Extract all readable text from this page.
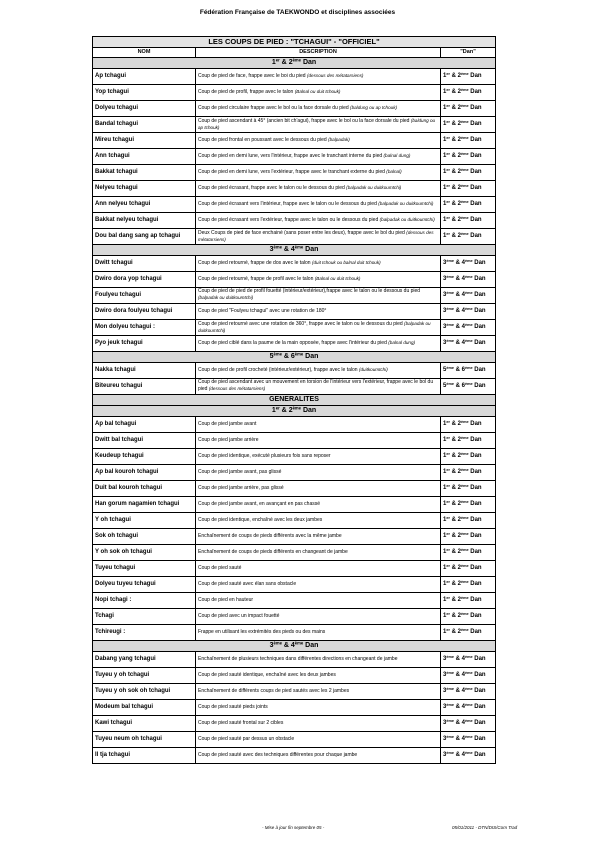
Fédération Française de TAEKWONDO et disciplines associées
LES COUPS DE PIED : "TCHAGUI" - "OFFICIEL"		
NOM	DESCRIPTION	"Dan"
1er & 2ème Dan		
Ap tchagui	Coup de pied de face, frappe avec le boi du pied (dessous des métatarsiens)	1er & 2ème Dan
Yop tchagui	Coup de pied de profil, frappe avec le talon (Balnal ou duit tchouk)	1er & 2ème Dan
Dolyeu tchagui	Coup de pied circulaire frappe avec le bol ou la face dorsale du pied (baldung ou ap tchouk)	1er & 2ème Dan
Bandal tchagui	Coup de pied ascendant à 45° (ancien bit ch'agui), frappe avec le bol ou la face dorsale du pied (baldung ou ap tchouk)	1er & 2ème Dan
Mireu tchagui	Coup de pied frontal en poussant avec le dessous du pied (balpadak)	1er & 2ème Dan
Ann tchagui	Coup de pied en demi lune, vers l'intérieur, frappe avec le tranchant interne du pied (balnal dung)	1er & 2ème Dan
Bakkat tchagui	Coup de pied en demi lune, vers l'extérieur, frappe avec le tranchant externe du pied (balnal)	1er & 2ème Dan
Nelyeu tchagui	Coup de pied écrasant, frappe avec le talon ou le dessous du pied (balpadak ou duitkoumtchi)	1er & 2ème Dan
Ann nelyeu tchagui	Coup de pied écrasant vers l'intérieur, frappe avec le talon ou le dessous du pied (balpadak ou duitkoumtchi)	1er & 2ème Dan
Bakkat nelyeu tchagui	Coup de pied écrasant vers l'extérieur, frappe avec le talon ou le dessous du pied (balpadak ou duitkoumtchi)	1er & 2ème Dan
Dou bal dang sang ap tchagui	Deux Coups de pied de face enchainé (sans poser entre les deux), frappe avec le bol du pied (dessous des métatarsiens)	1er & 2ème Dan
3ème & 4ème Dan		
Dwitt tchagui	Coup de pied retourné, frappe de dos avec le talon (duit tchouk ou balnal duit tchouk)	3ème & 4ème Dan
Dwiro dora yop tchagui	Coup de pied retourné, frappe de profil avec le talon (Balnal ou duit tchouk)	3ème & 4ème Dan
Foulyeu tchagui	Coup de pied de pied de profil fouetté (intérieur/extérieur),frappe avec le talon ou le dessous du pied (balpadak ou duitkoumtchi)	3ème & 4ème Dan
Dwiro dora foulyeu tchagui	Coup de pied "Foulyeu tchagui" avec une rotation de 180°	3ème & 4ème Dan
Mon dolyeu tchagui :	Coup de pied retourné avec une rotation de 360°, frappe avec le talon ou le dessous du pied (balpadak ou duitkoumtchi)	3ème & 4ème Dan
Pyo jeuk tchagui	Coup de pied ciblé dans la paume de la main opposée, frappe avec l'intérieur du pied (balnal dung)	3ème & 4ème Dan
5ème & 6ème Dan		
Nakka tchagui	Coup de pied de profil crocheté (intérieur/extérieur), frappe avec le talon (duitkoumtchi)	5ème & 6ème Dan
Biteureu tchagui	Coup de pied ascendant avec un mouvement en torsion de l'intérieur vers l'extérieur, frappe avec le bol du pied (dessous des métatarsiens)	5ème & 6ème Dan
GENERALITES		
1er & 2ème Dan		
Ap bal tchagui	Coup de pied jambe avant	1er & 2ème Dan
Dwitt bal tchagui	Coup de pied jambe arrière	1er & 2ème Dan
Keudeup tchagui	Coup de pied identique, exécuté plusieurs fois sans reposer	1er & 2ème Dan
Ap bal kouroh tchagui	Coup de pied jambe avant, pas glissé	1er & 2ème Dan
Duit bal kouroh tchagui	Coup de pied jambe arrière, pas glissé	1er & 2ème Dan
Han gorum nagamien tchagui	Coup de pied jambe avant, en avançant en pas chassé	1er & 2ème Dan
Y oh tchagui	Coup de pied identique, enchaîné avec les deux jambes	1er & 2ème Dan
Sok oh tchagui	Enchaînement de coups de pieds différents avec la même jambe	1er & 2ème Dan
Y oh sok oh tchagui	Enchaînement de coups de pieds différents en changeant de jambe	1er & 2ème Dan
Tuyeu tchagui	Coup de pied sauté	1er & 2ème Dan
Dolyeu tuyeu tchagui	Coup de pied sauté avec élan sans obstacle	1er & 2ème Dan
Nopi tchagi :	Coup de pied en hauteur	1er & 2ème Dan
Tchagi	Coup de pied avec un impact fouetté	1er & 2ème Dan
Tchireugi :	Frappe en utilisant les extrémités des pieds ou des mains	1er & 2ème Dan
3ème & 4ème Dan		
Dabang yang tchagui	Enchaînement de plusieurs techniques dans différentes directions en changeant de jambe	3ème & 4ème Dan
Tuyeu y oh tchagui	Coup de pied sauté identique, enchaîné avec les deux jambes	3ème & 4ème Dan
Tuyeu y oh sok oh tchagui	Enchaînement de différents coups de pied sautés avec les 2 jambes	3ème & 4ème Dan
Modeum bal tchagui	Coup de pied sauté pieds joints	3ème & 4ème Dan
Kawi tchagui	Coup de pied sauté frontal sur 2 cibles	3ème & 4ème Dan
Tuyeu neum oh tchagui	Coup de pied sauté par dessus un obstacle	3ème & 4ème Dan
Il tja tchagui	Coup de pied sauté avec des techniques différentes pour chaque jambe	3ème & 4ème Dan
- Mise à jour fin septembre 05 -	05/01/2011 - DTN/DIS/Com Trad
